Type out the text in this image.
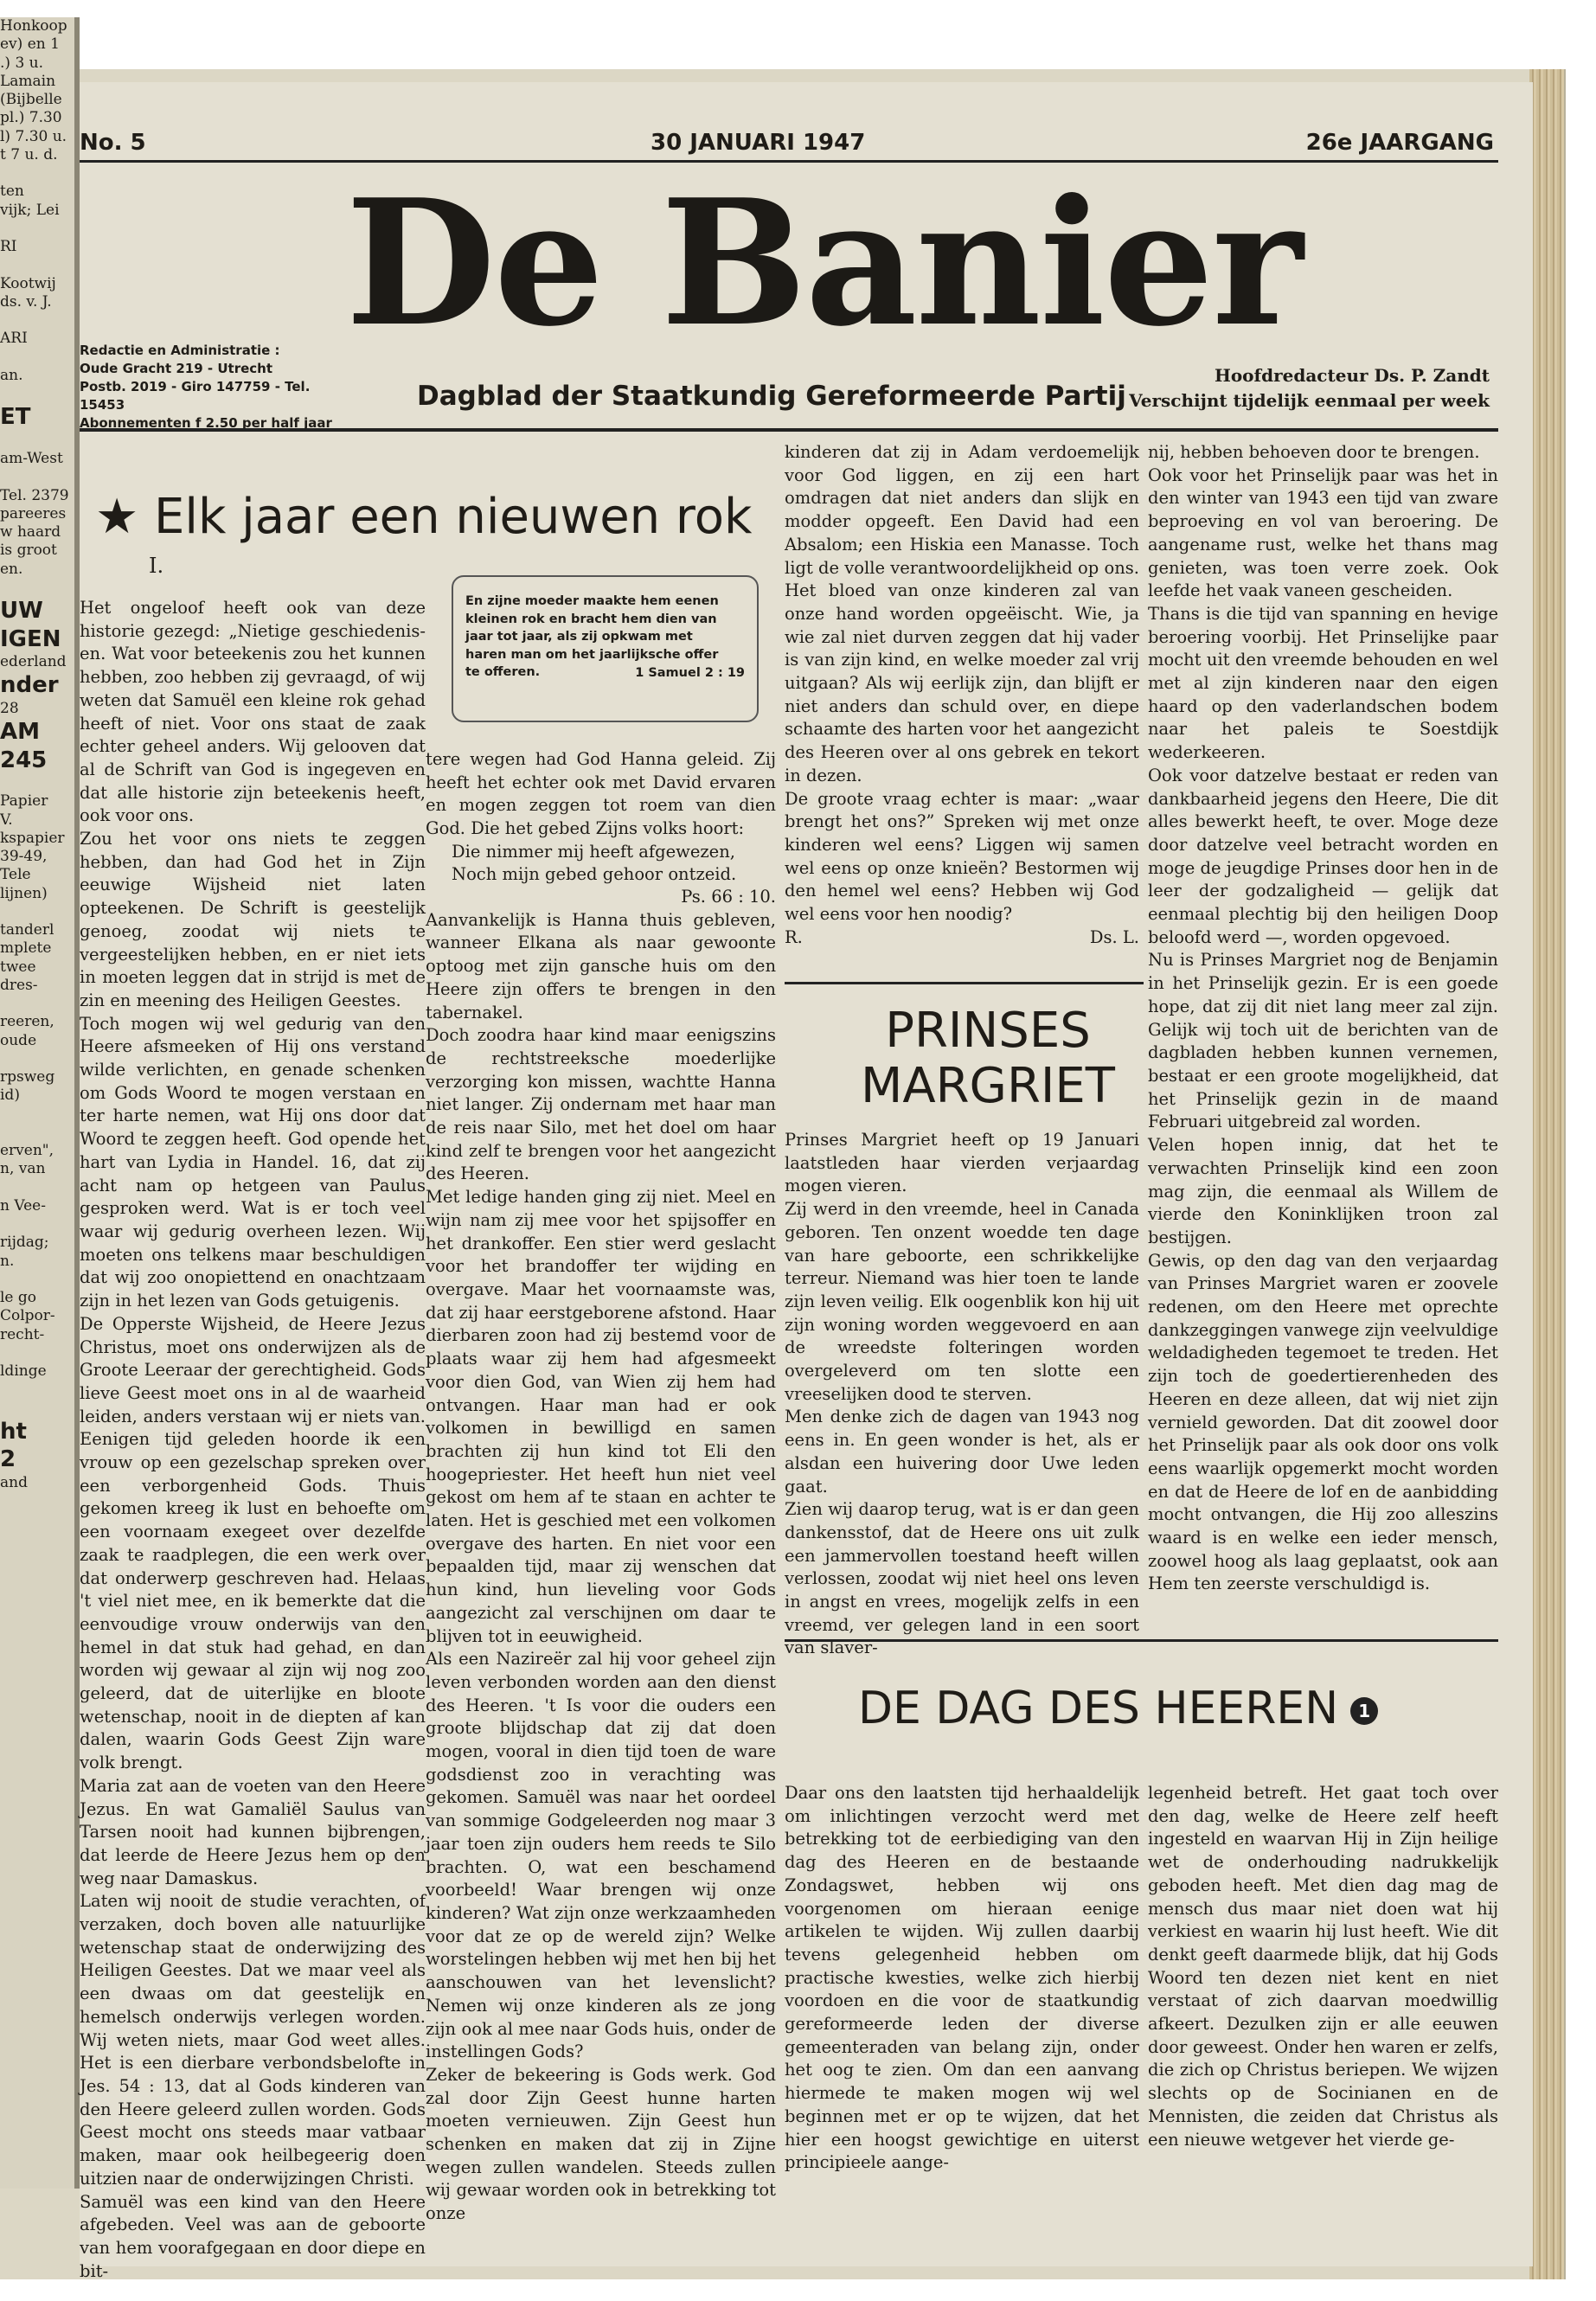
Honkoop
ev) en 1
.) 3 u.
Lamain
(Bijbelle
pl.) 7.30
l) 7.30 u.
t 7 u. d.

ten
vijk; Lei

RI

Kootwij
ds. v. J.

ARI

an.

ET

am-West

Tel. 2379
pareeres
w haard
is groot
en.

UW
IGEN
ederland
nder
28
AM
245

Papier
V.
kspapier
39-49,
Tele
lijnen)

tanderl
mplete
twee
dres-

reeren,
oude

rpsweg
id)

erven",
n, van

n Vee-

rijdag;
n.

le go
Colpor-
recht-

ldinge

ht
2
and
No. 5	30 JANUARI 1947	26e JAARGANG
De Banier
Redactie en Administratie :
Oude Gracht 219 - Utrecht
Postb. 2019 - Giro 147759 - Tel. 15453
Abonnementen f 2.50 per half jaar
Dagblad der Staatkundig Gereformeerde Partij
Hoofdredacteur Ds. P. Zandt
Verschijnt tijdelijk eenmaal per week
★ Elk jaar een nieuwen rok
I.
En zijne moeder maakte hem eenen
kleinen rok en bracht hem dien van
jaar tot jaar, als zij opkwam met
haren man om het jaarlijksche offer
te offeren.	1 Samuel 2 : 19

Het ongeloof heeft ook van deze historie gezegd: „Nietige geschiedenis-en. Wat voor beteekenis zou het kunnen hebben, zoo hebben zij gevraagd, of wij weten dat Samuël een kleine rok gehad heeft of niet. Voor ons staat de zaak echter geheel anders. Wij gelooven dat al de Schrift van God is ingegeven en dat alle historie zijn beteekenis heeft, ook voor ons.

Zou het voor ons niets te zeggen hebben, dan had God het in Zijn eeuwige Wijsheid niet laten opteekenen. De Schrift is geestelijk genoeg, zoodat wij niets te vergeestelijken hebben, en er niet iets in moeten leggen dat in strijd is met de zin en meening des Heiligen Geestes.

Toch mogen wij wel gedurig van den Heere afsmeeken of Hij ons verstand wilde verlichten, en genade schenken om Gods Woord te mogen verstaan en ter harte nemen, wat Hij ons door dat Woord te zeggen heeft. God opende het hart van Lydia in Handel. 16, dat zij acht nam op hetgeen van Paulus gesproken werd. Wat is er toch veel waar wij gedurig overheen lezen. Wij moeten ons telkens maar beschuldigen dat wij zoo onopiettend en onachtzaam zijn in het lezen van Gods getuigenis.

De Opperste Wijsheid, de Heere Jezus Christus, moet ons onderwijzen als de Groote Leeraar der gerechtigheid. Gods lieve Geest moet ons in al de waarheid leiden, anders verstaan wij er niets van. Eenigen tijd geleden hoorde ik een vrouw op een gezelschap spreken over een verborgenheid Gods. Thuis gekomen kreeg ik lust en behoefte om een voornaam exegeet over dezelfde zaak te raadplegen, die een werk over dat onderwerp geschreven had. Helaas 't viel niet mee, en ik bemerkte dat die eenvoudige vrouw onderwijs van den hemel in dat stuk had gehad, en dan worden wij gewaar al zijn wij nog zoo geleerd, dat de uiterlijke en bloote wetenschap, nooit in de diepten af kan dalen, waarin Gods Geest Zijn ware volk brengt.

Maria zat aan de voeten van den Heere Jezus. En wat Gamaliël Saulus van Tarsen nooit had kunnen bijbrengen, dat leerde de Heere Jezus hem op den weg naar Damaskus.

Laten wij nooit de studie verachten, of verzaken, doch boven alle natuurlijke wetenschap staat de onderwijzing des Heiligen Geestes. Dat we maar veel als een dwaas om dat geestelijk en hemelsch onderwijs verlegen worden. Wij weten niets, maar God weet alles. Het is een dierbare verbondsbelofte in Jes. 54 : 13, dat al Gods kinderen van den Heere geleerd zullen worden. Gods Geest mocht ons steeds maar vatbaar maken, maar ook heilbegeerig doen uitzien naar de onderwijzingen Christi.

Samuël was een kind van den Heere afgebeden. Veel was aan de geboorte van hem voorafgegaan en door diepe en bit-

tere wegen had God Hanna geleid. Zij heeft het echter ook met David ervaren en mogen zeggen tot roem van dien God. Die het gebed Zijns volks hoort:

Die nimmer mij heeft afgewezen,
Noch mijn gebed gehoor ontzeid.
Ps. 66 : 10.

Aanvankelijk is Hanna thuis gebleven, wanneer Elkana als naar gewoonte optoog met zijn gansche huis om den Heere zijn offers te brengen in den tabernakel.

Doch zoodra haar kind maar eenigszins de rechtstreeksche moederlijke verzorging kon missen, wachtte Hanna niet langer. Zij ondernam met haar man de reis naar Silo, met het doel om haar kind zelf te brengen voor het aangezicht des Heeren.

Met ledige handen ging zij niet. Meel en wijn nam zij mee voor het spijsoffer en het drankoffer. Een stier werd geslacht voor het brandoffer ter wijding en overgave. Maar het voornaamste was, dat zij haar eerstgeborene afstond. Haar dierbaren zoon had zij bestemd voor de plaats waar zij hem had afgesmeekt voor dien God, van Wien zij hem had ontvangen. Haar man had er ook volkomen in bewilligd en samen brachten zij hun kind tot Eli den hoogepriester. Het heeft hun niet veel gekost om hem af te staan en achter te laten. Het is geschied met een volkomen overgave des harten. En niet voor een bepaalden tijd, maar zij wenschen dat hun kind, hun lieveling voor Gods aangezicht zal verschijnen om daar te blijven tot in eeuwigheid.

Als een Nazireër zal hij voor geheel zijn leven verbonden worden aan den dienst des Heeren. 't Is voor die ouders een groote blijdschap dat zij dat doen mogen, vooral in dien tijd toen de ware godsdienst zoo in verachting was gekomen. Samuël was naar het oordeel van sommige Godgeleerden nog maar 3 jaar toen zijn ouders hem reeds te Silo brachten. O, wat een beschamend voorbeeld! Waar brengen wij onze kinderen? Wat zijn onze werkzaamheden voor dat ze op de wereld zijn? Welke worstelingen hebben wij met hen bij het aanschouwen van het levenslicht? Nemen wij onze kinderen als ze jong zijn ook al mee naar Gods huis, onder de instellingen Gods?

Zeker de bekeering is Gods werk. God zal door Zijn Geest hunne harten moeten vernieuwen. Zijn Geest hun schenken en maken dat zij in Zijne wegen zullen wandelen. Steeds zullen wij gewaar worden ook in betrekking tot onze

kinderen dat zij in Adam verdoemelijk voor God liggen, en zij een hart omdragen dat niet anders dan slijk en modder opgeeft. Een David had een Absalom; een Hiskia een Manasse. Toch ligt de volle verantwoordelijkheid op ons. Het bloed van onze kinderen zal van onze hand worden opgeëischt. Wie, ja wie zal niet durven zeggen dat hij vader is van zijn kind, en welke moeder zal vrij uitgaan? Als wij eerlijk zijn, dan blijft er niet anders dan schuld over, en diepe schaamte des harten voor het aangezicht des Heeren over al ons gebrek en tekort in dezen.

De groote vraag echter is maar: „waar brengt het ons?” Spreken wij met onze kinderen wel eens? Liggen wij samen wel eens op onze knieën? Bestormen wij den hemel wel eens? Hebben wij God wel eens voor hen noodig?

R.	Ds. L.
PRINSES
MARGRIET

Prinses Margriet heeft op 19 Januari laatstleden haar vierden verjaardag mogen vieren.

Zij werd in den vreemde, heel in Canada geboren. Ten onzent woedde ten dage van hare geboorte, een schrikkelijke terreur. Niemand was hier toen te lande zijn leven veilig. Elk oogenblik kon hij uit zijn woning worden weggevoerd en aan de wreedste folteringen worden overgeleverd om ten slotte een vreeselijken dood te sterven.

Men denke zich de dagen van 1943 nog eens in. En geen wonder is het, als er alsdan een huivering door Uwe leden gaat.

Zien wij daarop terug, wat is er dan geen dankensstof, dat de Heere ons uit zulk een jammervollen toestand heeft willen verlossen, zoodat wij niet heel ons leven in angst en vrees, mogelijk zelfs in een vreemd, ver gelegen land in een soort van slaver-

nij, hebben behoeven door te brengen.

Ook voor het Prinselijk paar was het in den winter van 1943 een tijd van zware beproeving en vol van beroering. De aangename rust, welke het thans mag genieten, was toen verre zoek. Ook leefde het vaak vaneen gescheiden.

Thans is die tijd van spanning en hevige beroering voorbij. Het Prinselijke paar mocht uit den vreemde behouden en wel met al zijn kinderen naar den eigen haard op den vaderlandschen bodem naar het paleis te Soestdijk wederkeeren.

Ook voor datzelve bestaat er reden van dankbaarheid jegens den Heere, Die dit alles bewerkt heeft, te over. Moge deze door datzelve veel betracht worden en moge de jeugdige Prinses door hen in de leer der godzaligheid — gelijk dat eenmaal plechtig bij den heiligen Doop beloofd werd —, worden opgevoed.

Nu is Prinses Margriet nog de Benjamin in het Prinselijk gezin. Er is een goede hope, dat zij dit niet lang meer zal zijn. Gelijk wij toch uit de berichten van de dagbladen hebben kunnen vernemen, bestaat er een groote mogelijkheid, dat het Prinselijk gezin in de maand Februari uitgebreid zal worden.

Velen hopen innig, dat het te verwachten Prinselijk kind een zoon mag zijn, die eenmaal als Willem de vierde den Koninklijken troon zal bestijgen.

Gewis, op den dag van den verjaardag van Prinses Margriet waren er zoovele redenen, om den Heere met oprechte dankzeggingen vanwege zijn veelvuldige weldadigheden tegemoet te treden. Het zijn toch de goedertierenheden des Heeren en deze alleen, dat wij niet zijn vernield geworden. Dat dit zoowel door het Prinselijk paar als ook door ons volk eens waarlijk opgemerkt mocht worden en dat de Heere de lof en de aanbidding mocht ontvangen, die Hij zoo alleszins waard is en welke een ieder mensch, zoowel hoog als laag geplaatst, ook aan Hem ten zeerste verschuldigd is.

DE DAG DES HEEREN 1

Daar ons den laatsten tijd herhaaldelijk om inlichtingen verzocht werd met betrekking tot de eerbiediging van den dag des Heeren en de bestaande Zondagswet, hebben wij ons voorgenomen om hieraan eenige artikelen te wijden. Wij zullen daarbij tevens gelegenheid hebben om practische kwesties, welke zich hierbij voordoen en die voor de staatkundig gereformeerde leden der diverse gemeenteraden van belang zijn, onder het oog te zien. Om dan een aanvang hiermede te maken mogen wij wel beginnen met er op te wijzen, dat het hier een hoogst gewichtige en uiterst principieele aange-

legenheid betreft. Het gaat toch over den dag, welke de Heere zelf heeft ingesteld en waarvan Hij in Zijn heilige wet de onderhouding nadrukkelijk geboden heeft. Met dien dag mag de mensch dus maar niet doen wat hij verkiest en waarin hij lust heeft. Wie dit denkt geeft daarmede blijk, dat hij Gods Woord ten dezen niet kent en niet verstaat of zich daarvan moedwillig afkeert. Dezulken zijn er alle eeuwen door geweest. Onder hen waren er zelfs, die zich op Christus beriepen. We wijzen slechts op de Socinianen en de Mennisten, die zeiden dat Christus als een nieuwe wetgever het vierde ge-
